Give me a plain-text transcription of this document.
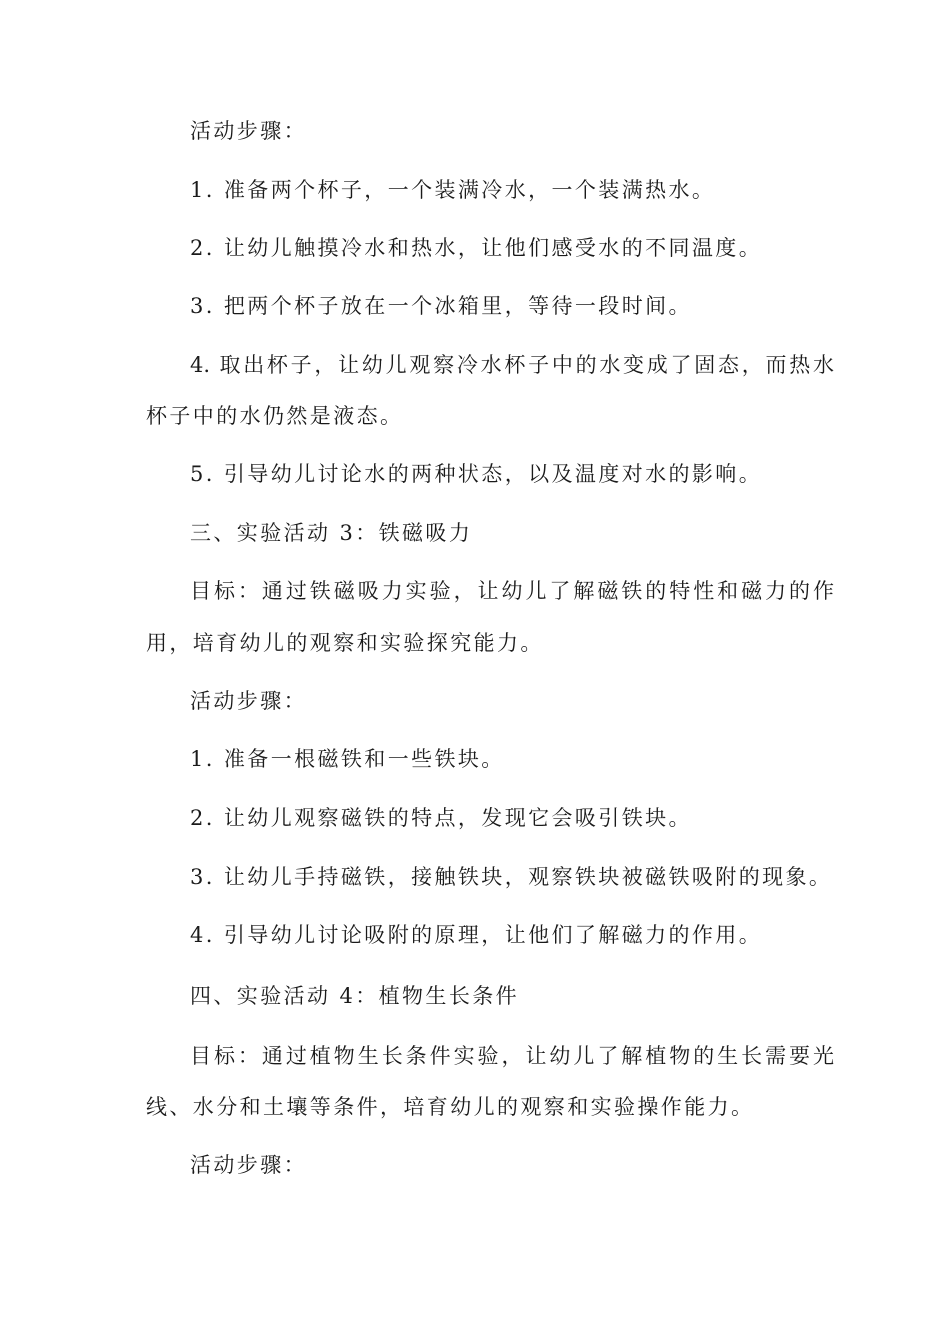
活动步骤：
1. 准备两个杯子，一个装满冷水，一个装满热水。
2. 让幼儿触摸冷水和热水，让他们感受水的不同温度。
3. 把两个杯子放在一个冰箱里，等待一段时间。
4. 取出杯子，让幼儿观察冷水杯子中的水变成了固态，而热水
杯子中的水仍然是液态。
5. 引导幼儿讨论水的两种状态，以及温度对水的影响。
三、实验活动 3：铁磁吸力
目标：通过铁磁吸力实验，让幼儿了解磁铁的特性和磁力的作
用，培育幼儿的观察和实验探究能力。
活动步骤：
1. 准备一根磁铁和一些铁块。
2. 让幼儿观察磁铁的特点，发现它会吸引铁块。
3. 让幼儿手持磁铁，接触铁块，观察铁块被磁铁吸附的现象。
4. 引导幼儿讨论吸附的原理，让他们了解磁力的作用。
四、实验活动 4：植物生长条件
目标：通过植物生长条件实验，让幼儿了解植物的生长需要光
线、水分和土壤等条件，培育幼儿的观察和实验操作能力。
活动步骤：
